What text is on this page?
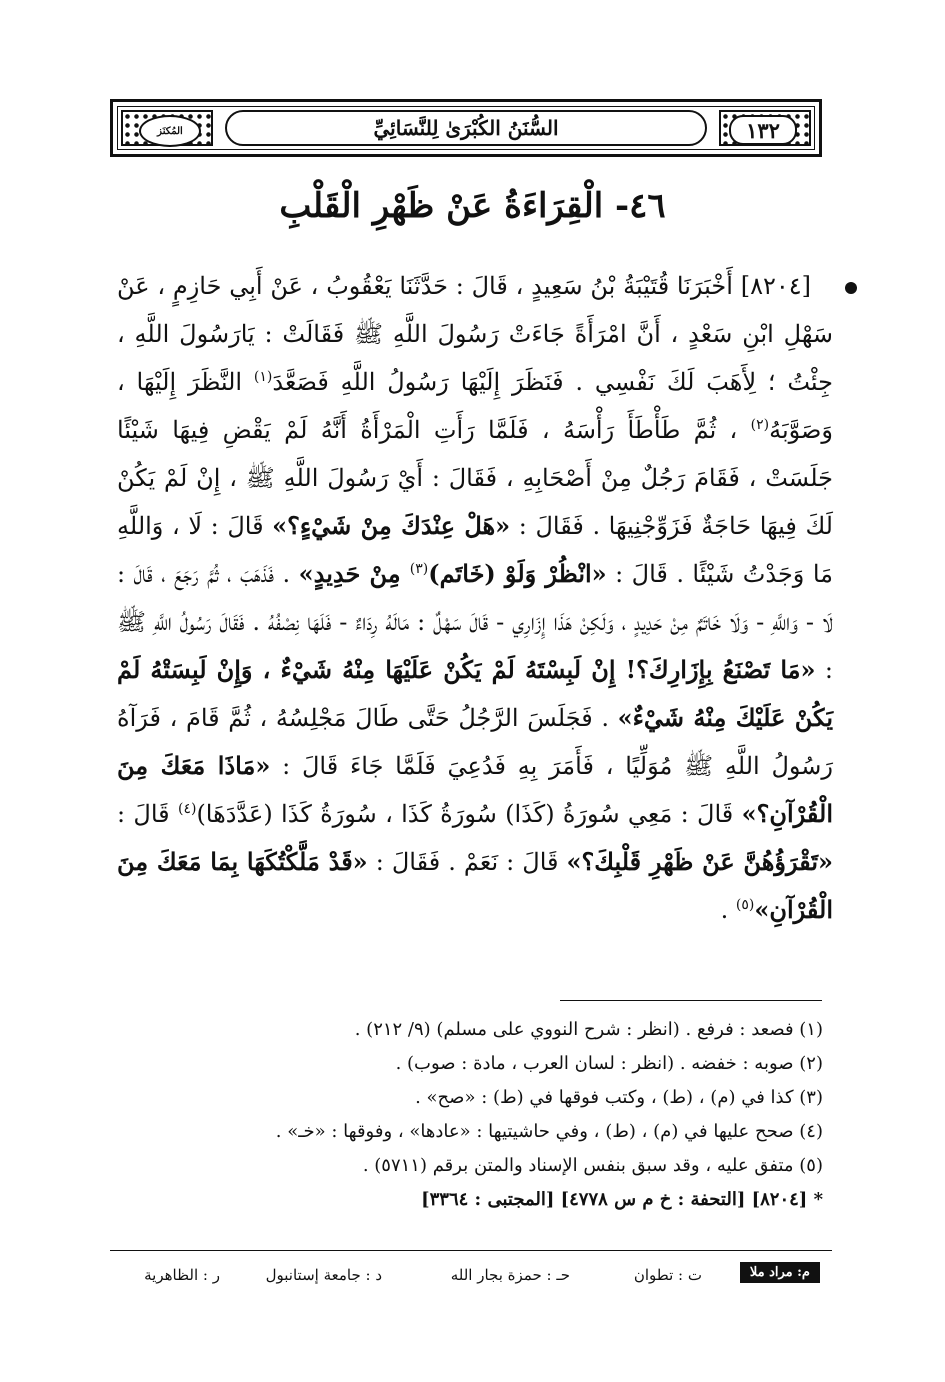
المُكنَز	السُّنَنُ الكُبْرَىٰ لِلنَّسَائِيِّ	١٣٢
٤٦- الْقِرَاءَةُ عَنْ ظَهْرِ الْقَلْبِ

[٨٢٠٤] أَخْبَرَنَا قُتَيْبَةُ بْنُ سَعِيدٍ ، قَالَ : حَدَّثَنَا يَعْقُوبُ ، عَنْ أَبِي حَازِمٍ ، عَنْ سَهْلِ ابْنِ سَعْدٍ ، أَنَّ امْرَأَةً جَاءَتْ رَسُولَ اللَّهِ ﷺ فَقَالَتْ : يَارَسُولَ اللَّهِ ، جِئْتُ ؛ لِأَهَبَ لَكَ نَفْسِي . فَنَظَرَ إِلَيْهَا رَسُولُ اللَّهِ فَصَعَّدَ$^{(١)}$ النَّظَرَ إِلَيْهَا ، وَصَوَّبَهُ$^{(٢)}$ ، ثُمَّ طَأْطَأَ رَأْسَهُ ، فَلَمَّا رَأَتِ الْمَرْأَةُ أَنَّهُ لَمْ يَقْضِ فِيهَا شَيْئًا جَلَسَتْ ، فَقَامَ رَجُلٌ مِنْ أَصْحَابِهِ ، فَقَالَ : أَيْ رَسُولَ اللَّهِ ﷺ ، إِنْ لَمْ يَكُنْ لَكَ فِيهَا حَاجَةٌ فَزَوِّجْنِيهَا . فَقَالَ : «هَلْ عِنْدَكَ مِنْ شَيْءٍ؟» قَالَ : لَا ، وَاللَّهِ مَا وَجَدْتُ شَيْئًا . قَالَ : «انْظُرْ وَلَوْ (خَاتَم)$^{(٣)}$ مِنْ حَدِيدٍ» . فَذَهَبَ ، ثُمَّ رَجَعَ ، قَالَ : لَا - وَاللَّهِ - وَلَا خَاتَمٌ مِنْ حَدِيدٍ ، وَلَكِنْ هَذَا إِزَارِي - قَالَ سَهْلٌ : مَالَهُ رِدَاءٌ - فَلَهَا نِصْفُهُ . فَقَالَ رَسُولُ اللَّهِ ﷺ : «مَا تَصْنَعُ بِإِزَارِكَ؟! إِنْ لَبِسْتَهُ لَمْ يَكُنْ عَلَيْهَا مِنْهُ شَيْءٌ ، وَإِنْ لَبِسَتْهُ لَمْ يَكُنْ عَلَيْكَ مِنْهُ شَيْءٌ» . فَجَلَسَ الرَّجُلُ حَتَّى طَالَ مَجْلِسُهُ ، ثُمَّ قَامَ ، فَرَآهُ رَسُولُ اللَّهِ ﷺ مُوَلِّيًا ، فَأَمَرَ بِهِ فَدُعِيَ فَلَمَّا جَاءَ قَالَ : «مَاذَا مَعَكَ مِنَ الْقُرْآنِ؟» قَالَ : مَعِي سُورَةُ (كَذَا) سُورَةُ كَذَا ، سُورَةُ كَذَا (عَدَّدَهَا)$^{(٤)}$ قَالَ : «تَقْرَؤُهُنَّ عَنْ ظَهْرِ قَلْبِكَ؟» قَالَ : نَعَمْ . فَقَالَ : «قَدْ مَلَّكْتُكَهَا بِمَا مَعَكَ مِنَ الْقُرْآنِ»$^{(٥)}$ .

(١) فصعد : فرفع . (انظر : شرح النووي على مسلم) (٩/ ٢١٢) .
(٢) صوبه : خفضه . (انظر : لسان العرب ، مادة : صوب) .
(٣) كذا في (م) ، (ط) ، وكتب فوقها في (ط) : «صح» .
(٤) صحح عليها في (م) ، (ط) ، وفي حاشيتيها : «عادها» ، وفوقها : «خـ» .
(٥) متفق عليه ، وقد سبق بنفس الإسناد والمتن برقم (٥٧١١) .
* [٨٢٠٤] [التحفة : خ م س ٤٧٧٨] [المجتبى : ٣٣٦٤]
م: مراد ملا
ت : تطوان
حـ : حمزة بجار الله
د : جامعة إستانبول
ر : الظاهرية
